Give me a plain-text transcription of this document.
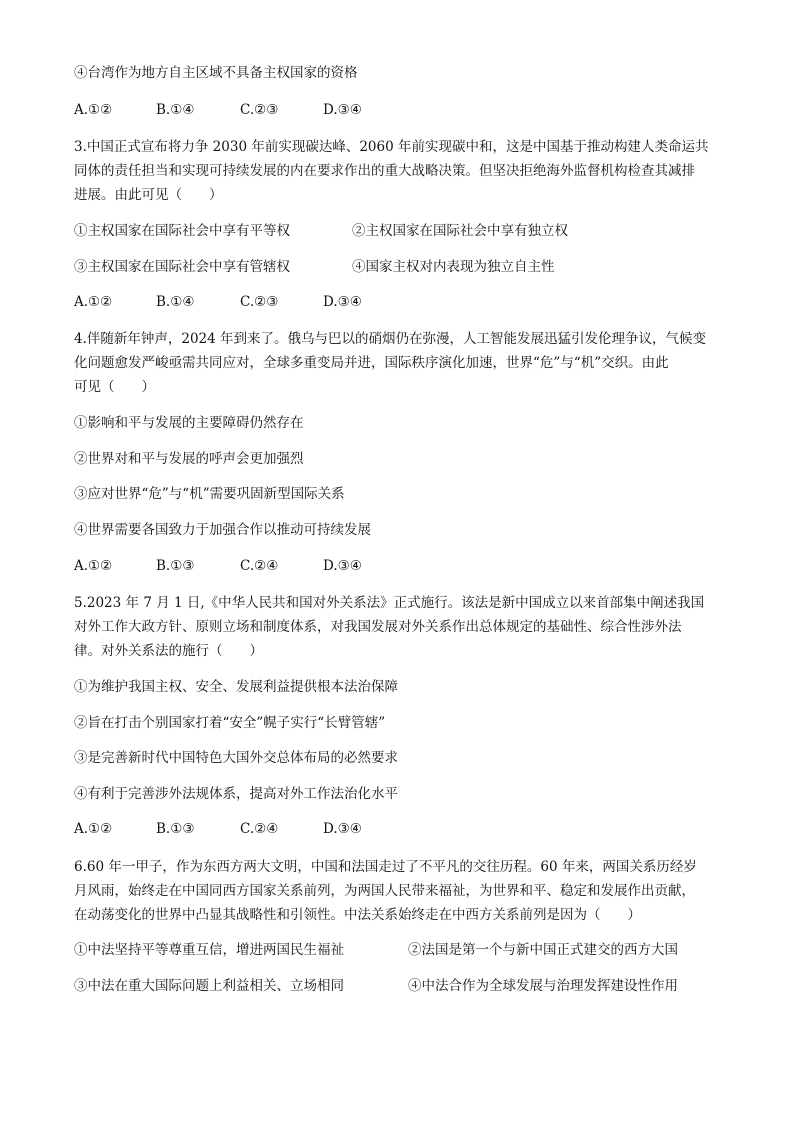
④台湾作为地方自主区域不具备主权国家的资格
A.①②	B.①④	C.②③	D.③④
3.中国正式宣布将力争 2030 年前实现碳达峰、2060 年前实现碳中和，这是中国基于推动构建人类命运共
同体的责任担当和实现可持续发展的内在要求作出的重大战略决策。但坚决拒绝海外监督机构检查其减排
进展。由此可见（　　）
①主权国家在国际社会中享有平等权	②主权国家在国际社会中享有独立权
③主权国家在国际社会中享有管辖权	④国家主权对内表现为独立自主性
A.①②	B.①④	C.②③	D.③④
4.伴随新年钟声，2024 年到来了。俄乌与巴以的硝烟仍在弥漫，人工智能发展迅猛引发伦理争议，气候变
化问题愈发严峻亟需共同应对，全球多重变局并进，国际秩序演化加速，世界“危”与“机”交织。由此
可见（　　）
①影响和平与发展的主要障碍仍然存在
②世界对和平与发展的呼声会更加强烈
③应对世界“危”与“机”需要巩固新型国际关系
④世界需要各国致力于加强合作以推动可持续发展
A.①②	B.①③	C.②④	D.③④
5.2023 年 7 月 1 日,《中华人民共和国对外关系法》正式施行。该法是新中国成立以来首部集中阐述我国
对外工作大政方针、原则立场和制度体系，对我国发展对外关系作出总体规定的基础性、综合性涉外法
律。对外关系法的施行（　　）
①为维护我国主权、安全、发展利益提供根本法治保障
②旨在打击个别国家打着“安全”幌子实行“长臂管辖”
③是完善新时代中国特色大国外交总体布局的必然要求
④有利于完善涉外法规体系，提高对外工作法治化水平
A.①②	B.①③	C.②④	D.③④
6.60 年一甲子，作为东西方两大文明，中国和法国走过了不平凡的交往历程。60 年来，两国关系历经岁
月风雨，始终走在中国同西方国家关系前列，为两国人民带来福祉，为世界和平、稳定和发展作出贡献，
在动荡变化的世界中凸显其战略性和引领性。中法关系始终走在中西方关系前列是因为（　　）
①中法坚持平等尊重互信，增进两国民生福祉	②法国是第一个与新中国正式建交的西方大国
③中法在重大国际问题上利益相关、立场相同	④中法合作为全球发展与治理发挥建设性作用
